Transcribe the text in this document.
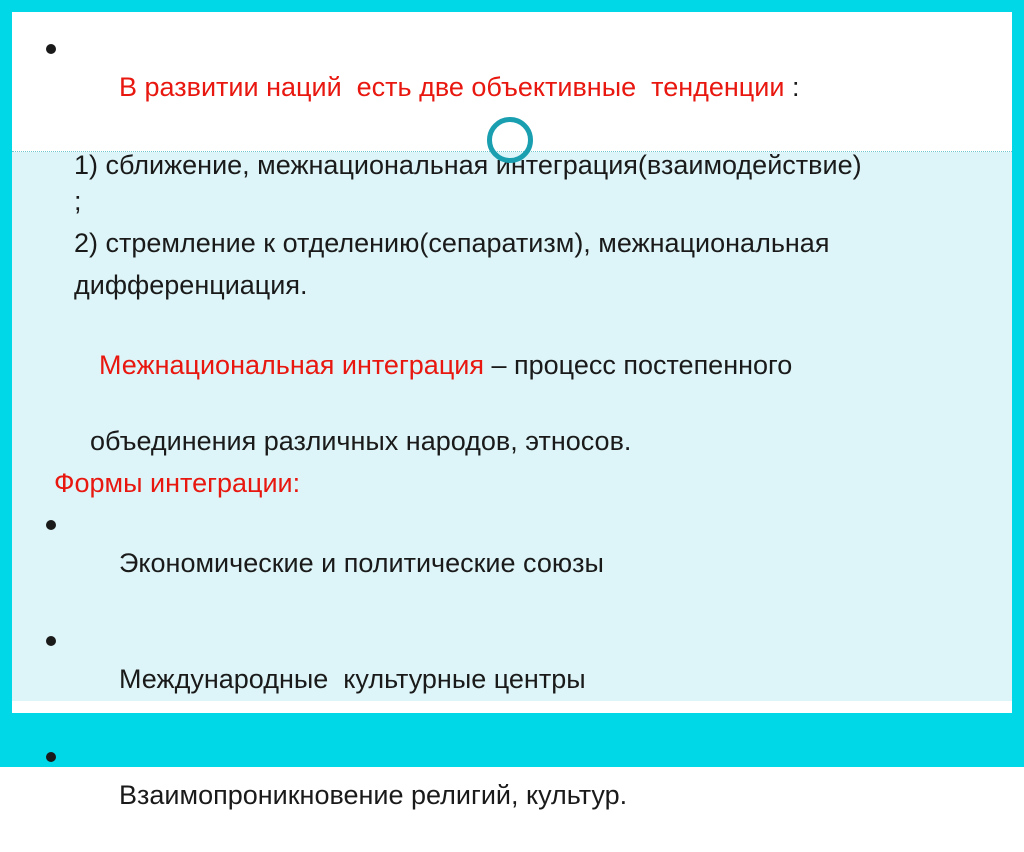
В развитии наций  есть две объективные  тенденции :

1) сближение, межнациональная интеграция(взаимодействие)
;
2) стремление к отделению(сепаратизм), межнациональная
дифференциация.

Межнациональная интеграция – процесс постепенного

объединения различных народов, этносов.
Формы интеграции:

Экономические и политические союзы

Международные  культурные центры

Взаимопроникновение религий, культур.
